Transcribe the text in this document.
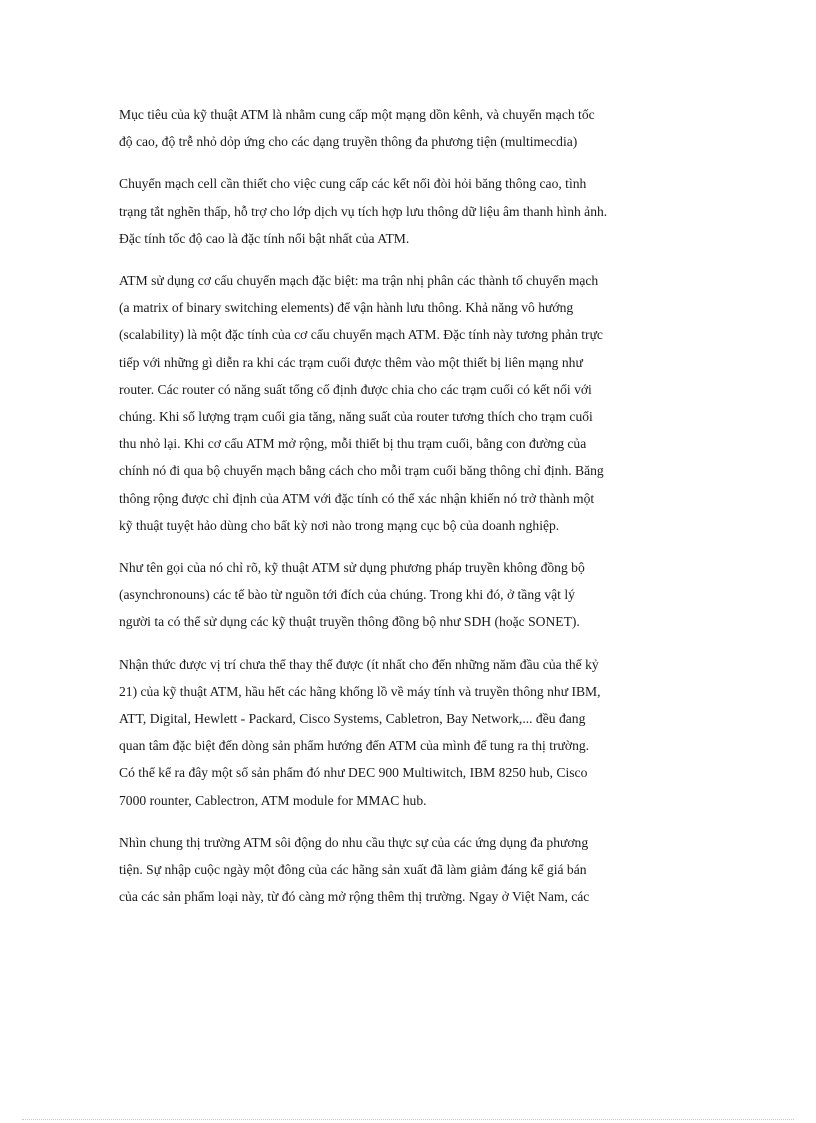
Mục tiêu của kỹ thuật ATM là nhằm cung cấp một mạng dồn kênh, và chuyển mạch tốc
độ cao, độ trễ nhỏ dỏp ứng cho các dạng truyền thông đa phương tiện (multimecdia)
Chuyển mạch cell cần thiết cho việc cung cấp các kết nối đòi hỏi băng thông cao, tình
trạng tắt nghẽn thấp, hỗ trợ cho lớp dịch vụ tích hợp lưu thông dữ liệu âm thanh hình ảnh.
Đặc tính tốc độ cao là đặc tính nổi bật nhất của ATM.
ATM sử dụng cơ cấu chuyển mạch đặc biệt: ma trận nhị phân các thành tố chuyển mạch
(a matrix of binary switching elements) để vận hành lưu thông. Khả năng vô hướng
(scalability) là một đặc tính của cơ cấu chuyển mạch ATM. Đặc tính này tương phản trực
tiếp với những gì diễn ra khi các trạm cuối được thêm vào một thiết bị liên mạng như
router. Các router có năng suất tổng cố định được chia cho các trạm cuối có kết nối với
chúng. Khi số lượng trạm cuối gia tăng, năng suất của router tương thích cho trạm cuối
thu nhỏ lại. Khi cơ cấu ATM mở rộng, mỗi thiết bị thu trạm cuối, bằng con đường của
chính nó đi qua bộ chuyển mạch bằng cách cho mỗi trạm cuối băng thông chỉ định. Băng
thông rộng được chỉ định của ATM với đặc tính có thể xác nhận khiến nó trở thành một
kỹ thuật tuyệt hảo dùng cho bất kỳ nơi nào trong mạng cục bộ của doanh nghiệp.
Như tên gọi của nó chỉ rõ, kỹ thuật ATM sử dụng phương pháp truyền không đồng bộ
(asynchronouns) các tế bào từ nguồn tới đích của chúng. Trong khi đó, ở tầng vật lý
người ta có thể sử dụng các kỹ thuật truyền thông đồng bộ như SDH (hoặc SONET).
Nhận thức được vị trí chưa thể thay thế được (ít nhất cho đến những năm đầu của thế kỷ
21) của kỹ thuật ATM, hầu hết các hãng khổng lồ về máy tính và truyền thông như IBM,
ATT, Digital, Hewlett - Packard, Cisco Systems, Cabletron, Bay Network,... đều đang
quan tâm đặc biệt đến dòng sản phẩm hướng đến ATM của mình để tung ra thị trường.
Có thể kể ra đây một số sản phẩm đó như DEC 900 Multiwitch, IBM 8250 hub, Cisco
7000 rounter, Cablectron, ATM module for MMAC hub.
Nhìn chung thị trường ATM sôi động do nhu cầu thực sự của các ứng dụng đa phương
tiện. Sự nhập cuộc ngày một đông của các hãng sản xuất đã làm giảm đáng kể giá bán
của các sản phẩm loại này, từ đó càng mở rộng thêm thị trường. Ngay ở Việt Nam, các
